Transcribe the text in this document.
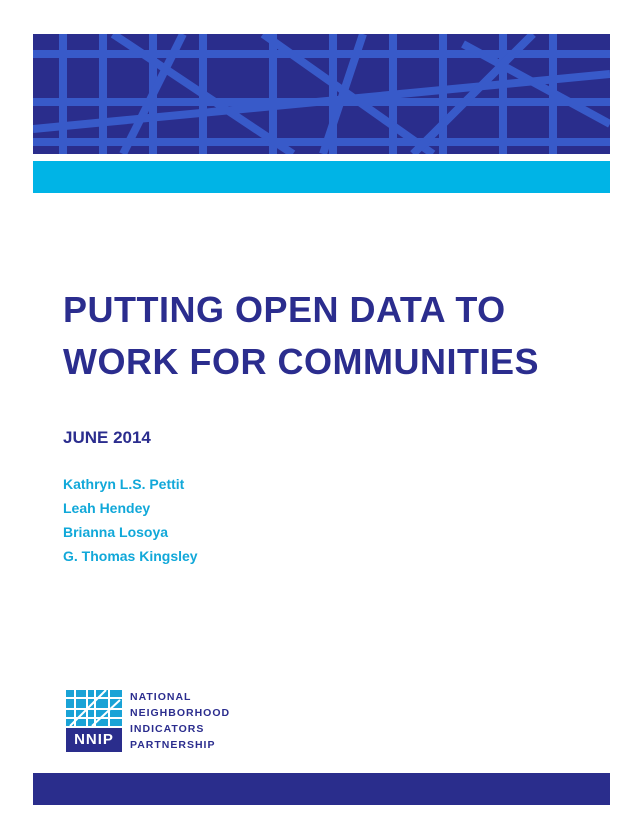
PUTTING OPEN DATA TO
WORK FOR COMMUNITIES

JUNE 2014

Kathryn L.S. Pettit
Leah Hendey
Brianna Losoya
G. Thomas Kingsley
NNIP
NATIONAL
NEIGHBORHOOD
INDICATORS
PARTNERSHIP
